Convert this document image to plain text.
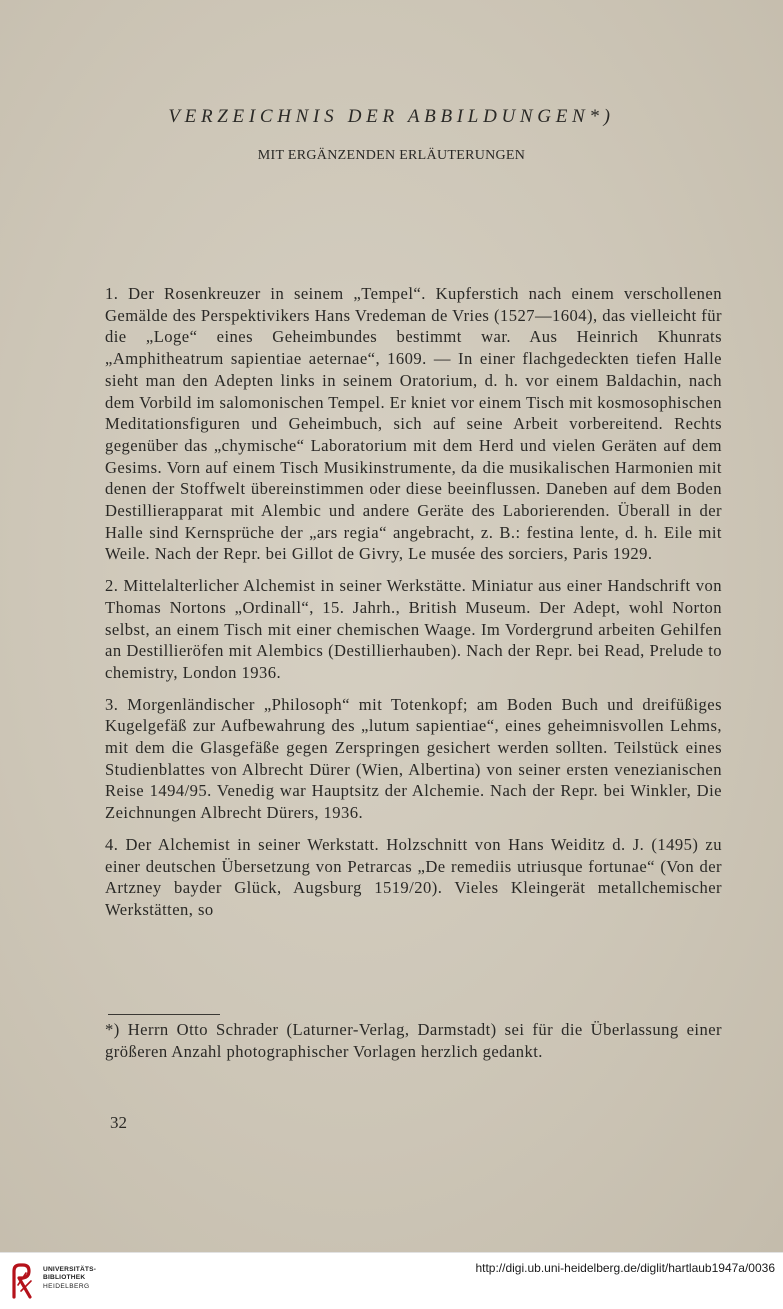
VERZEICHNIS DER ABBILDUNGEN*)
MIT ERGÄNZENDEN ERLÄUTERUNGEN

1. Der Rosenkreuzer in seinem „Tempel“. Kupferstich nach einem verschollenen Gemälde des Perspektivikers Hans Vredeman de Vries (1527—1604), das vielleicht für die „Loge“ eines Geheimbundes bestimmt war. Aus Heinrich Khunrats „Amphitheatrum sapientiae aeternae“, 1609. — In einer flachgedeckten tiefen Halle sieht man den Adepten links in seinem Oratorium, d. h. vor einem Baldachin, nach dem Vorbild im salomonischen Tempel. Er kniet vor einem Tisch mit kosmosophischen Meditationsfiguren und Geheimbuch, sich auf seine Arbeit vorbereitend. Rechts gegenüber das „chymische“ Laboratorium mit dem Herd und vielen Geräten auf dem Gesims. Vorn auf einem Tisch Musikinstrumente, da die musikalischen Harmonien mit denen der Stoffwelt übereinstimmen oder diese beeinflussen. Daneben auf dem Boden Destillierapparat mit Alembic und andere Geräte des Laborierenden. Überall in der Halle sind Kernsprüche der „ars regia“ angebracht, z. B.: festina lente, d. h. Eile mit Weile. Nach der Repr. bei Gillot de Givry, Le musée des sorciers, Paris 1929.

2. Mittelalterlicher Alchemist in seiner Werkstätte. Miniatur aus einer Handschrift von Thomas Nortons „Ordinall“, 15. Jahrh., British Museum. Der Adept, wohl Norton selbst, an einem Tisch mit einer chemischen Waage. Im Vordergrund arbeiten Gehilfen an Destillieröfen mit Alembics (Destillierhauben). Nach der Repr. bei Read, Prelude to chemistry, London 1936.

3. Morgenländischer „Philosoph“ mit Totenkopf; am Boden Buch und dreifüßiges Kugelgefäß zur Aufbewahrung des „lutum sapientiae“, eines geheimnisvollen Lehms, mit dem die Glasgefäße gegen Zerspringen gesichert werden sollten. Teilstück eines Studienblattes von Albrecht Dürer (Wien, Albertina) von seiner ersten venezianischen Reise 1494/95. Venedig war Hauptsitz der Alchemie. Nach der Repr. bei Winkler, Die Zeichnungen Albrecht Dürers, 1936.

4. Der Alchemist in seiner Werkstatt. Holzschnitt von Hans Weiditz d. J. (1495) zu einer deutschen Übersetzung von Petrarcas „De remediis utriusque fortunae“ (Von der Artzney bayder Glück, Augsburg 1519/20). Vieles Kleingerät metallchemischer Werkstätten, so

*) Herrn Otto Schrader (Laturner-Verlag, Darmstadt) sei für die Überlassung einer größeren Anzahl photographischer Vorlagen herzlich gedankt.

32

UNIVERSITÄTS-
BIBLIOTHEK
HEIDELBERG

http://digi.ub.uni-heidelberg.de/diglit/hartlaub1947a/0036
